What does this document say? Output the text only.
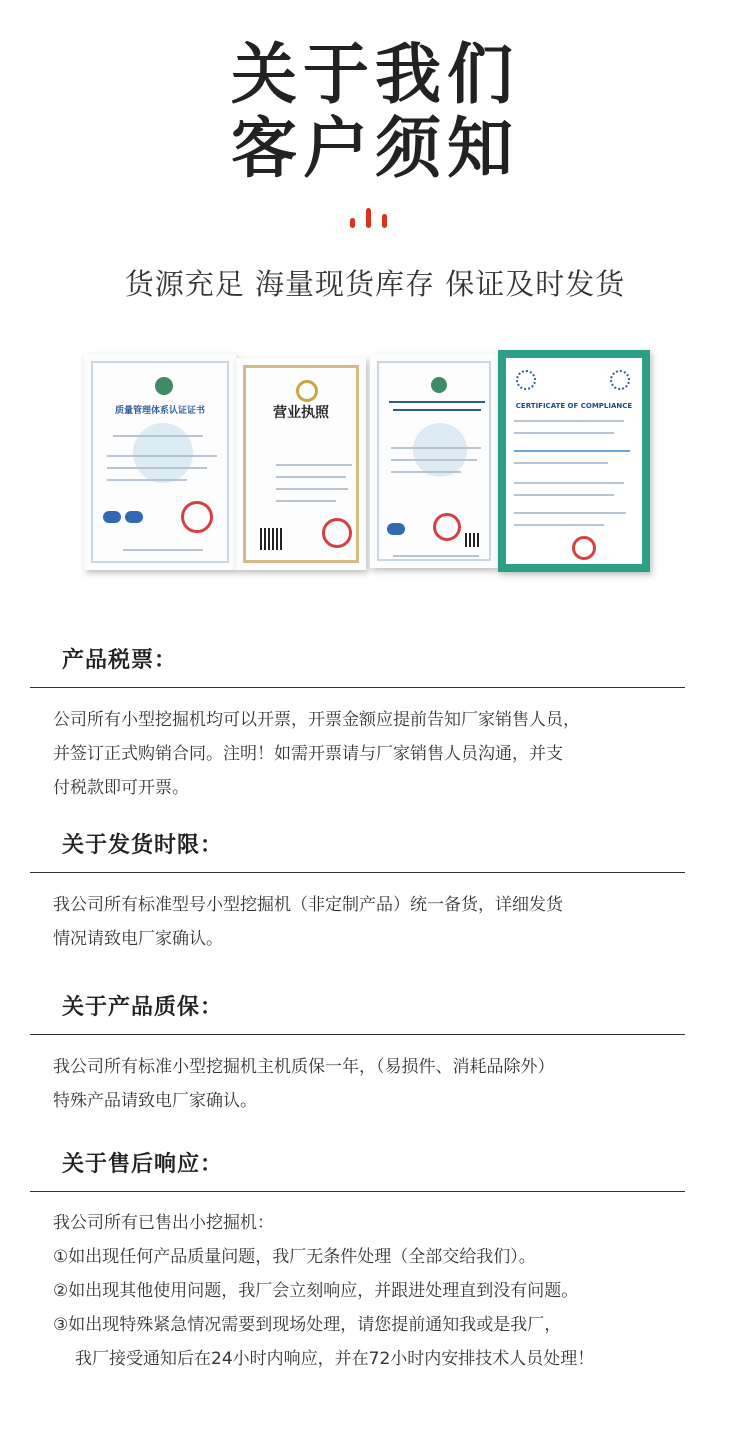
关于我们
客户须知
货源充足 海量现货库存 保证及时发货
质量管理体系认证证书	营业执照	CERTIFICATE OF COMPLIANCE
产品税票：

公司所有小型挖掘机均可以开票，开票金额应提前告知厂家销售人员，

并签订正式购销合同。注明！如需开票请与厂家销售人员沟通，并支

付税款即可开票。

关于发货时限：

我公司所有标准型号小型挖掘机（非定制产品）统一备货，详细发货

情况请致电厂家确认。

关于产品质保：

我公司所有标准小型挖掘机主机质保一年，（易损件、消耗品除外）

特殊产品请致电厂家确认。

关于售后响应：

我公司所有已售出小挖掘机：

①如出现任何产品质量问题，我厂无条件处理（全部交给我们）。

②如出现其他使用问题，我厂会立刻响应，并跟进处理直到没有问题。

③如出现特殊紧急情况需要到现场处理，请您提前通知我或是我厂，

我厂接受通知后在24小时内响应，并在72小时内安排技术人员处理！
